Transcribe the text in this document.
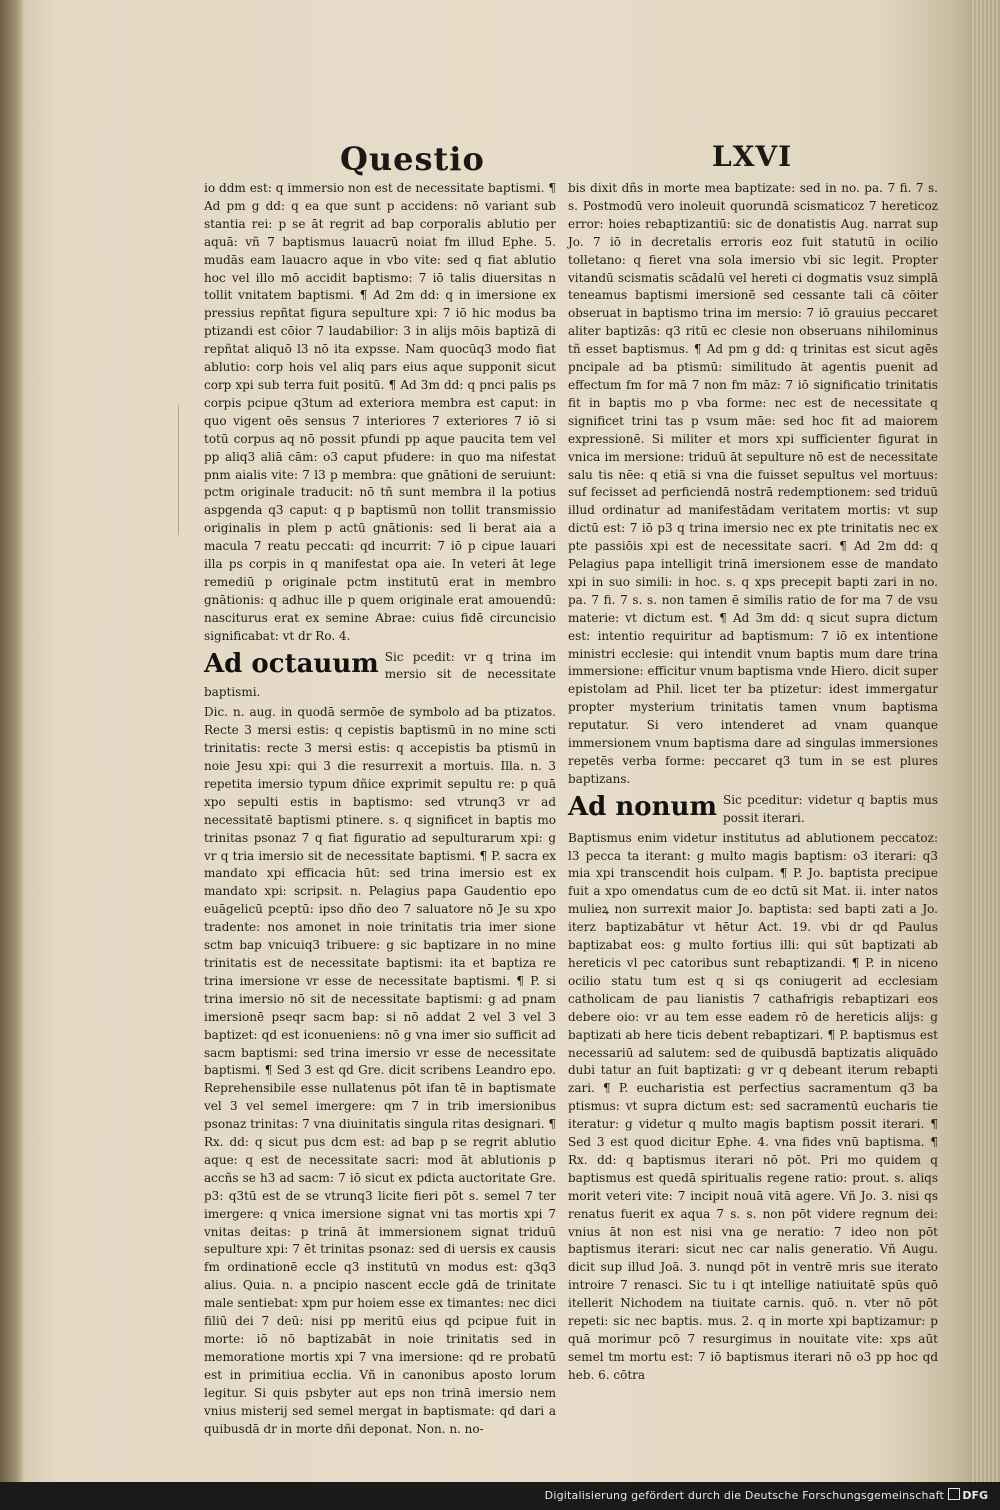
Questio	LXVI

io ddm est: q immersio non est de necessitate baptismi. ¶ Ad pm g dd: q ea que sunt p accidens: nō variant sub stantia rei: p se āt regrit ad bap corporalis ablutio per aquā: vñ 7 baptismus lauacrū noiat fm illud Ephe. 5. mudās eam lauacro aque in vbo vite: sed q fiat ablutio hoc vel illo mō accidit baptismo: 7 iō talis diuersitas n tollit vnitatem baptismi. ¶ Ad 2m dd: q in imersione ex pressius repñtat figura sepulture xpi: 7 iō hic modus ba ptizandi est cōior 7 laudabilior: 3 in alijs mōis baptizā di repñtat aliquō l3 nō ita expsse. Nam quocūq3 modo fiat ablutio: corp hois vel aliq pars eius aque supponit sicut corp xpi sub terra fuit positū. ¶ Ad 3m dd: q pnci palis ps corpis pcipue q3tum ad exteriora membra est caput: in quo vigent oēs sensus 7 interiores 7 exteriores 7 iō si totū corpus aq nō possit pfundi pp aque paucita tem vel pp aliq3 aliā cām: o3 caput pfudere: in quo ma nifestat pnm aialis vite: 7 l3 p membra: que gnātioni de seruiunt: pctm originale traducit: nō tñ sunt membra il la potius aspgenda q3 caput: q p baptismū non tollit transmissio originalis in plem p actū gnātionis: sed li berat aia a macula 7 reatu peccati: qd incurrit: 7 iō p cipue lauari illa ps corpis in q manifestat opa aie. In veteri āt lege remediū p originale pctm institutū erat in membro gnātionis: q adhuc ille p quem originale erat amouendū: nasciturus erat ex semine Abrae: cuius fidē circuncisio significabat: vt dr Ro. 4.

Ad octauum Sic pcedit: vr q trina im mersio sit de necessitate baptismi.

Dic. n. aug. in quodā sermōe de symbolo ad ba ptizatos. Recte 3 mersi estis: q cepistis baptismū in no mine scti trinitatis: recte 3 mersi estis: q accepistis ba ptismū in noie Jesu xpi: qui 3 die resurrexit a mortuis. Illa. n. 3 repetita imersio typum dñice exprimit sepultu re: p quā xpo sepulti estis in baptismo: sed vtrunq3 vr ad necessitatē baptismi ptinere. s. q significet in baptis mo trinitas psonaz 7 q fiat figuratio ad sepulturarum xpi: g vr q tria imersio sit de necessitate baptismi. ¶ P. sacra ex mandato xpi efficacia hūt: sed trina imersio est ex mandato xpi: scripsit. n. Pelagius papa Gaudentio epo euāgelicū pceptū: ipso dño deo 7 saluatore nō Je su xpo tradente: nos amonet in noie trinitatis tria imer sione sctm bap vnicuiq3 tribuere: g sic baptizare in no mine trinitatis est de necessitate baptismi: ita et baptiza re trina imersione vr esse de necessitate baptismi. ¶ P. si trina imersio nō sit de necessitate baptismi: g ad pnam imersionē pseqr sacm bap: si nō addat 2 vel 3 vel 3 baptizet: qd est iconueniens: nō g vna imer sio sufficit ad sacm baptismi: sed trina imersio vr esse de necessitate baptismi. ¶ Sed 3 est qd Gre. dicit scribens Leandro epo. Reprehensibile esse nullatenus pōt ifan tē in baptismate vel 3 vel semel imergere: qm 7 in trib imersionibus psonaz trinitas: 7 vna diuinitatis singula ritas designari. ¶ Rx. dd: q sicut pus dcm est: ad bap p se regrit ablutio aque: q est de necessitate sacri: mod āt ablutionis p accñs se h3 ad sacm: 7 iō sicut ex pdicta auctoritate Gre. p3: q3tū est de se vtrunq3 licite fieri pōt s. semel 7 ter imergere: q vnica imersione signat vni tas mortis xpi 7 vnitas deitas: p trinā āt immersionem signat triduū sepulture xpi: 7 ēt trinitas psonaz: sed di uersis ex causis fm ordinationē eccle q3 institutū vn modus est: q3q3 alius. Quia. n. a pncipio nascent eccle gdā de trinitate male sentiebat: xpm pur hoiem esse ex timantes: nec dici filiū dei 7 deū: nisi pp meritū eius qd pcipue fuit in morte: iō nō baptizabāt in noie trinitatis sed in memoratione mortis xpi 7 vna imersione: qd re probatū est in primitiua ecclia. Vñ in canonibus aposto lorum legitur. Si quis psbyter aut eps non trinā imersio nem vnius misterij sed semel mergat in baptismate: qd dari a quibusdā dr in morte dñi deponat. Non. n. no-

bis dixit dñs in morte mea baptizate: sed in no. pa. 7 fi. 7 s. s. Postmodū vero inoleuit quorundā scismaticoz 7 hereticoz error: hoies rebaptizantiū: sic de donatistis Aug. narrat sup Jo. 7 iō in decretalis erroris eoz fuit statutū in ocilio tolletano: q fieret vna sola imersio vbi sic legit. Propter vitandū scismatis scādalū vel hereti ci dogmatis vsuz simplā teneamus baptismi imersionē sed cessante tali cā cōiter obseruat in baptismo trina im mersio: 7 iō grauius peccaret aliter baptizās: q3 ritū ec clesie non obseruans nihilominus tñ esset baptismus. ¶ Ad pm g dd: q trinitas est sicut agēs pncipale ad ba ptismū: similitudo āt agentis puenit ad effectum fm for mā 7 non fm māz: 7 iō significatio trinitatis fit in baptis mo p vba forme: nec est de necessitate q significet trini tas p vsum māe: sed hoc fit ad maiorem expressionē. Si militer et mors xpi sufficienter figurat in vnica im mersione: triduū āt sepulture nō est de necessitate salu tis nēe: q etiā si vna die fuisset sepultus vel mortuus: suf fecisset ad perficiendā nostrā redemptionem: sed triduū illud ordinatur ad manifestādam veritatem mortis: vt sup dictū est: 7 iō p3 q trina imersio nec ex pte trinitatis nec ex pte passiōis xpi est de necessitate sacri. ¶ Ad 2m dd: q Pelagius papa intelligit trinā imersionem esse de mandato xpi in suo simili: in hoc. s. q xps precepit bapti zari in no. pa. 7 fi. 7 s. s. non tamen ē similis ratio de for ma 7 de vsu materie: vt dictum est. ¶ Ad 3m dd: q sicut supra dictum est: intentio requiritur ad baptismum: 7 iō ex intentione ministri ecclesie: qui intendit vnum baptis mum dare trina immersione: efficitur vnum baptisma vnde Hiero. dicit super epistolam ad Phil. licet ter ba ptizetur: idest immergatur propter mysterium trinitatis tamen vnum baptisma reputatur. Si vero intenderet ad vnam quanque immersionem vnum baptisma dare ad singulas immersiones repetēs verba forme: peccaret q3 tum in se est plures baptizans.

Ad nonum Sic pceditur: videtur q baptis mus possit iterari.

Baptismus enim videtur institutus ad ablutionem peccatoz: l3 pecca ta iterant: g multo magis baptism: o3 iterari: q3 mia xpi transcendit hois culpam. ¶ P. Jo. baptista precipue fuit a xpo omendatus cum de eo dctū sit Mat. ii. inter natos mulieꝝ non surrexit maior Jo. baptista: sed bapti zati a Jo. iterz baptizabātur vt hētur Act. 19. vbi dr qd Paulus baptizabat eos: g multo fortius illi: qui sūt baptizati ab hereticis vl pec catoribus sunt rebaptizandi. ¶ P. in niceno ocilio statu tum est q si qs coniugerit ad ecclesiam catholicam de pau lianistis 7 cathafrigis rebaptizari eos debere oio: vr au tem esse eadem rō de hereticis alijs: g baptizati ab here ticis debent rebaptizari. ¶ P. baptismus est necessariū ad salutem: sed de quibusdā baptizatis aliquādo dubi tatur an fuit baptizati: g vr q debeant iterum rebapti zari. ¶ P. eucharistia est perfectius sacramentum q3 ba ptismus: vt supra dictum est: sed sacramentū eucharis tie iteratur: g videtur q multo magis baptism possit iterari. ¶ Sed 3 est quod dicitur Ephe. 4. vna fides vnū baptisma. ¶ Rx. dd: q baptismus iterari nō pōt. Pri mo quidem q baptismus est quedā spiritualis regene ratio: prout. s. aliqs morit veteri vite: 7 incipit nouā vitā agere. Vñ Jo. 3. nisi qs renatus fuerit ex aqua 7 s. s. non pōt videre regnum dei: vnius āt non est nisi vna ge neratio: 7 ideo non pōt baptismus iterari: sicut nec car nalis generatio. Vñ Augu. dicit sup illud Joā. 3. nunqd pōt in ventrē mris sue iterato introire 7 renasci. Sic tu i qt intellige natiuitatē spūs quō itellerit Nichodem na tiuitate carnis. quō. n. vter nō pōt repeti: sic nec baptis. mus. 2. q in morte xpi baptizamur: p quā morimur pcō 7 resurgimus in nouitate vite: xps aūt semel tm mortu est: 7 iō baptismus iterari nō o3 pp hoc qd heb. 6. cōtra

Digitalisierung gefördert durch die Deutsche Forschungsgemeinschaft	DFG
